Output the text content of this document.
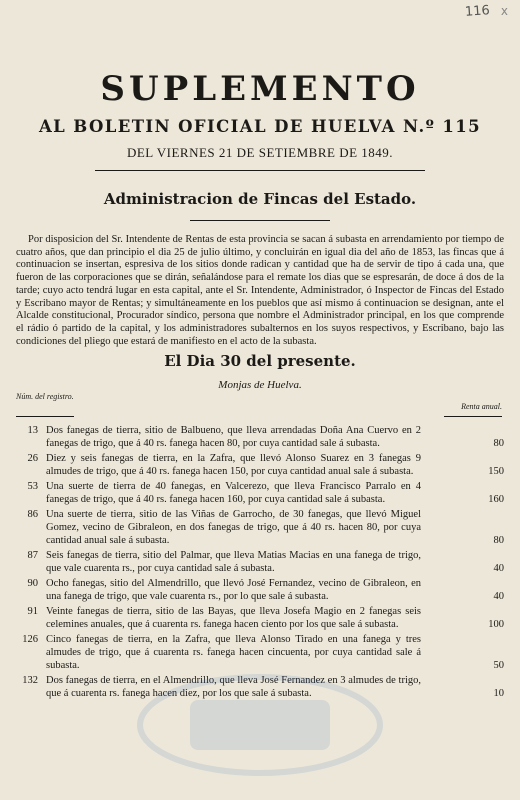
116 x
SUPLEMENTO
AL BOLETIN OFICIAL DE HUELVA N.º 115
DEL VIERNES 21 DE SETIEMBRE DE 1849.
Administracion de Fincas del Estado.

Por disposicion del Sr. Intendente de Rentas de esta provincia se sacan á subasta en arrendamiento por tiempo de cuatro años, que dan principio el dia 25 de julio último, y concluirán en igual dia del año de 1853, las fincas que á continuacion se insertan, espresiva de los sitios donde radican y cantidad que ha de servir de tipo á cada una, que fueron de las corporaciones que se dirán, señalándose para el remate los dias que se espresarán, de doce á dos de la tarde; cuyo acto tendrá lugar en esta capital, ante el Sr. Intendente, Administrador, ó Inspector de Fincas del Estado y Escribano mayor de Rentas; y simultáneamente en los pueblos que así mismo á continuacion se designan, ante el Alcalde constitucional, Procurador síndico, persona que nombre el Administrador principal, en los que comprende el rádio ó partido de la capital, y los administradores subalternos en los suyos respectivos, y Escribano, bajo las condiciones del pliego que estará de manifiesto en el acto de la subasta.

El Dia 30 del presente.
Monjas de Huelva.
Núm. del registro.
Renta anual.
13 Dos fanegas de tierra, sitio de Balbueno, que lleva arrendadas Doña Ana Cuervo en 2 fanegas de trigo, que á 40 rs. fanega hacen 80, por cuya cantidad sale á subasta.	80
26 Diez y seis fanegas de tierra, en la Zafra, que llevó Alonso Suarez en 3 fanegas 9 almudes de trigo, que á 40 rs. fanega hacen 150, por cuya cantidad anual sale á subasta.	150
53 Una suerte de tierra de 40 fanegas, en Valcerezo, que lleva Francisco Parralo en 4 fanegas de trigo, que á 40 rs. fanega hacen 160, por cuya cantidad sale á subasta.	160
86 Una suerte de tierra, sitio de las Viñas de Garrocho, de 30 fanegas, que llevó Miguel Gomez, vecino de Gibraleon, en dos fanegas de trigo, que á 40 rs. hacen 80, por cuya cantidad anual sale á subasta.	80
87 Seis fanegas de tierra, sitio del Palmar, que lleva Matias Macias en una fanega de trigo, que vale cuarenta rs., por cuya cantidad sale á subasta.	40
90 Ocho fanegas, sitio del Almendrillo, que llevó José Fernandez, vecino de Gibraleon, en una fanega de trigo, que vale cuarenta rs., por lo que sale á subasta.	40
91 Veinte fanegas de tierra, sitio de las Bayas, que lleva Josefa Magio en 2 fanegas seis celemines anuales, que á cuarenta rs. fanega hacen ciento por los que sale á subasta.	100
126 Cinco fanegas de tierra, en la Zafra, que lleva Alonso Tirado en una fanega y tres almudes de trigo, que á cuarenta rs. fanega hacen cincuenta, por cuya cantidad sale á subasta.	50
132 Dos fanegas de tierra, en el Almendrillo, que lleva José Fernandez en 3 almudes de trigo, que á cuarenta rs. fanega hacen diez, por los que sale á subasta.	10
